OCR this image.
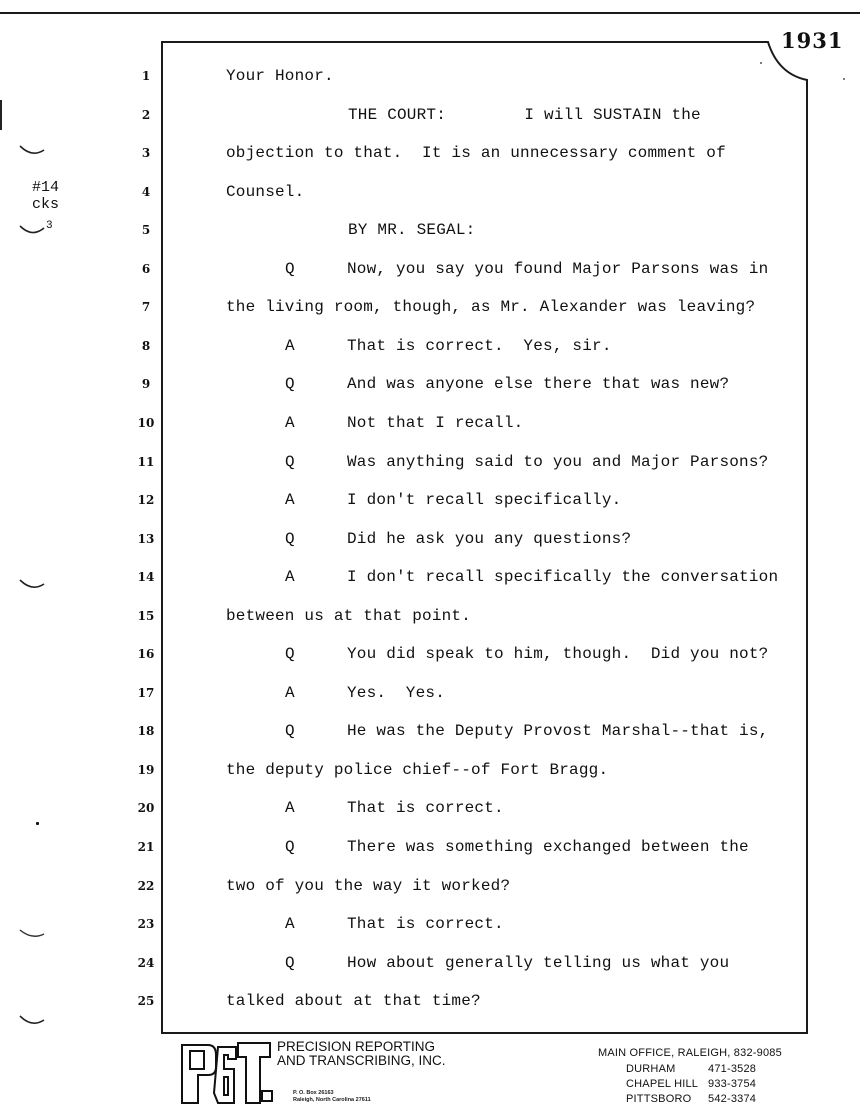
1931
#14
cks
3
1	Your Honor.
2	THE COURT:        I will SUSTAIN the
3	objection to that.  It is an unnecessary comment of
4	Counsel.
5	BY MR. SEGAL:
6	Q	Now, you say you found Major Parsons was in
7	the living room, though, as Mr. Alexander was leaving?
8	A	That is correct.  Yes, sir.
9	Q	And was anyone else there that was new?
10	A	Not that I recall.
11	Q	Was anything said to you and Major Parsons?
12	A	I don't recall specifically.
13	Q	Did he ask you any questions?
14	A	I don't recall specifically the conversation
15	between us at that point.
16	Q	You did speak to him, though.  Did you not?
17	A	Yes.  Yes.
18	Q	He was the Deputy Provost Marshal--that is,
19	the deputy police chief--of Fort Bragg.
20	A	That is correct.
21	Q	There was something exchanged between the
22	two of you the way it worked?
23	A	That is correct.
24	Q	How about generally telling us what you
25	talked about at that time?
PRECISION REPORTING
AND TRANSCRIBING, INC.
P. O. Box 26163
Raleigh, North Carolina 27611
MAIN OFFICE, RALEIGH, 832-9085
DURHAM	471-3528
CHAPEL HILL 933-3754
PITTSBORO 542-3374
